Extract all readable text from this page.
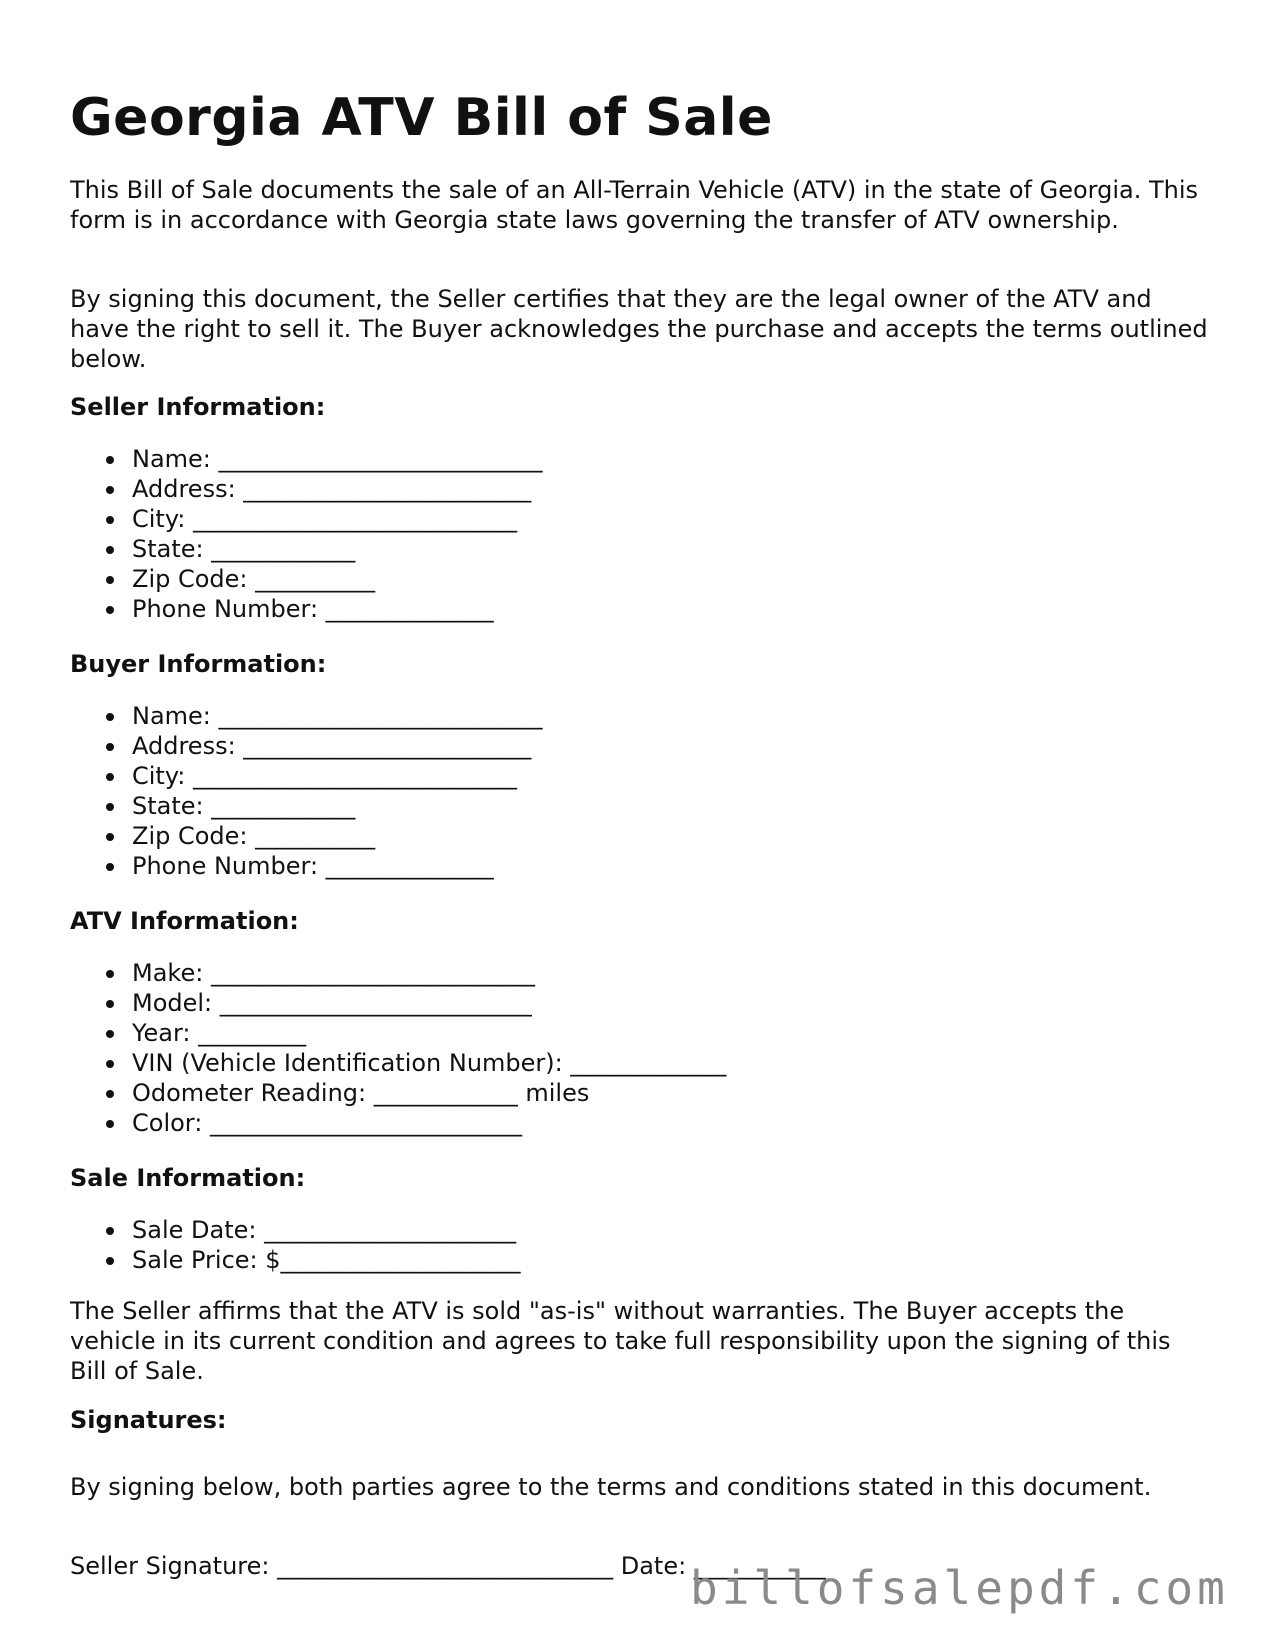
Georgia ATV Bill of Sale

This Bill of Sale documents the sale of an All-Terrain Vehicle (ATV) in the state of Georgia. This form is in accordance with Georgia state laws governing the transfer of ATV ownership.

By signing this document, the Seller certifies that they are the legal owner of the ATV and have the right to sell it. The Buyer acknowledges the purchase and accepts the terms outlined below.

Seller Information:

Name: ___________________________
Address: ________________________
City: ___________________________
State: ____________
Zip Code: __________
Phone Number: ______________

Buyer Information:

Name: ___________________________
Address: ________________________
City: ___________________________
State: ____________
Zip Code: __________
Phone Number: ______________

ATV Information:

Make: ___________________________
Model: __________________________
Year: _________
VIN (Vehicle Identification Number): _____________
Odometer Reading: ____________ miles
Color: __________________________

Sale Information:

Sale Date: _____________________
Sale Price: $____________________

The Seller affirms that the ATV is sold "as-is" without warranties. The Buyer accepts the vehicle in its current condition and agrees to take full responsibility upon the signing of this Bill of Sale.

Signatures:

By signing below, both parties agree to the terms and conditions stated in this document.

Seller Signature: ____________________________ Date: ___________
billofsalepdf.com
